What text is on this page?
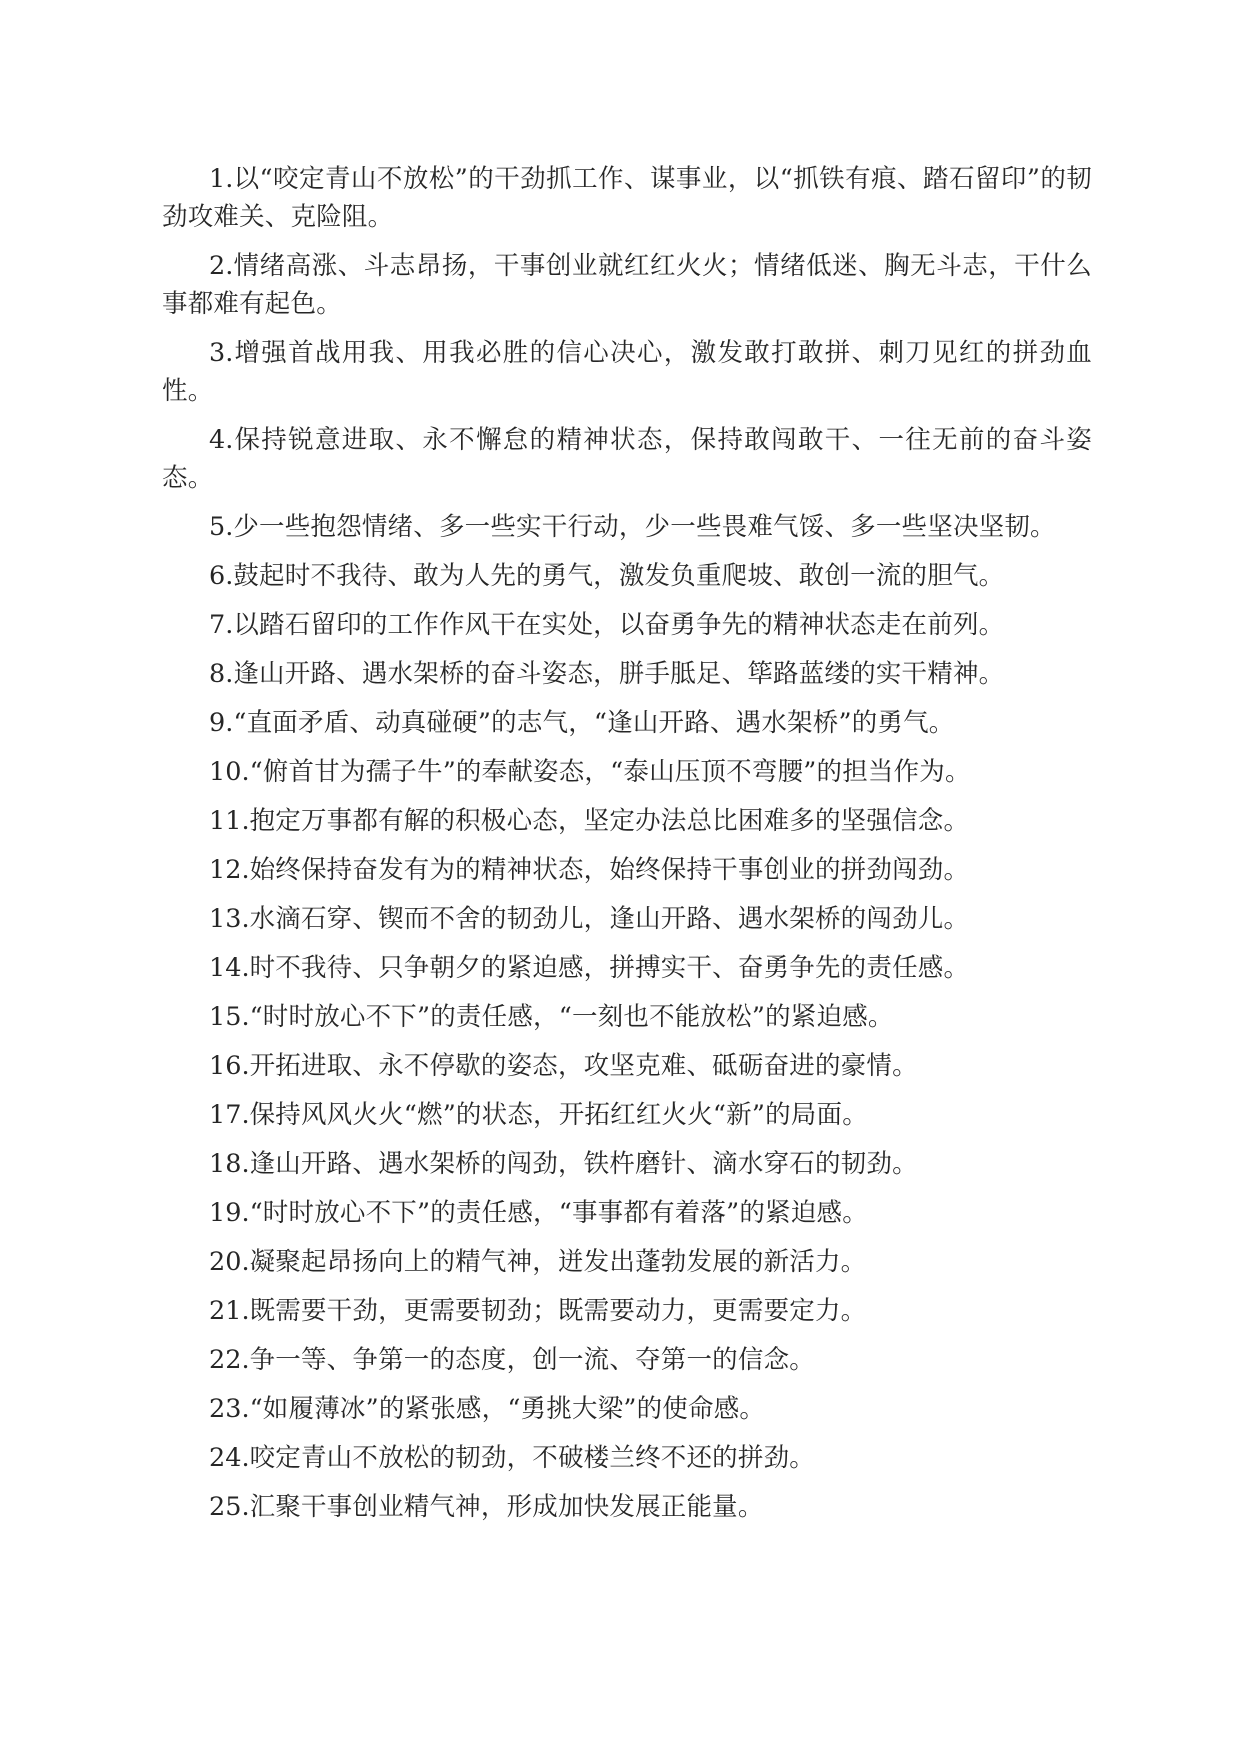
1.以“咬定青山不放松”的干劲抓工作、谋事业，以“抓铁有痕、踏石留印”的韧劲攻难关、克险阻。

2.情绪高涨、斗志昂扬，干事创业就红红火火；情绪低迷、胸无斗志，干什么事都难有起色。

3.增强首战用我、用我必胜的信心决心，激发敢打敢拼、刺刀见红的拼劲血性。

4.保持锐意进取、永不懈怠的精神状态，保持敢闯敢干、一往无前的奋斗姿态。

5.少一些抱怨情绪、多一些实干行动，少一些畏难气馁、多一些坚决坚韧。

6.鼓起时不我待、敢为人先的勇气，激发负重爬坡、敢创一流的胆气。

7.以踏石留印的工作作风干在实处，以奋勇争先的精神状态走在前列。

8.逢山开路、遇水架桥的奋斗姿态，胼手胝足、筚路蓝缕的实干精神。

9.“直面矛盾、动真碰硬”的志气，“逢山开路、遇水架桥”的勇气。

10.“俯首甘为孺子牛”的奉献姿态，“泰山压顶不弯腰”的担当作为。

11.抱定万事都有解的积极心态，坚定办法总比困难多的坚强信念。

12.始终保持奋发有为的精神状态，始终保持干事创业的拼劲闯劲。

13.水滴石穿、锲而不舍的韧劲儿，逢山开路、遇水架桥的闯劲儿。

14.时不我待、只争朝夕的紧迫感，拼搏实干、奋勇争先的责任感。

15.“时时放心不下”的责任感，“一刻也不能放松”的紧迫感。

16.开拓进取、永不停歇的姿态，攻坚克难、砥砺奋进的豪情。

17.保持风风火火“燃”的状态，开拓红红火火“新”的局面。

18.逢山开路、遇水架桥的闯劲，铁杵磨针、滴水穿石的韧劲。

19.“时时放心不下”的责任感，“事事都有着落”的紧迫感。

20.凝聚起昂扬向上的精气神，迸发出蓬勃发展的新活力。

21.既需要干劲，更需要韧劲；既需要动力，更需要定力。

22.争一等、争第一的态度，创一流、夺第一的信念。

23.“如履薄冰”的紧张感，“勇挑大梁”的使命感。

24.咬定青山不放松的韧劲，不破楼兰终不还的拼劲。

25.汇聚干事创业精气神，形成加快发展正能量。
